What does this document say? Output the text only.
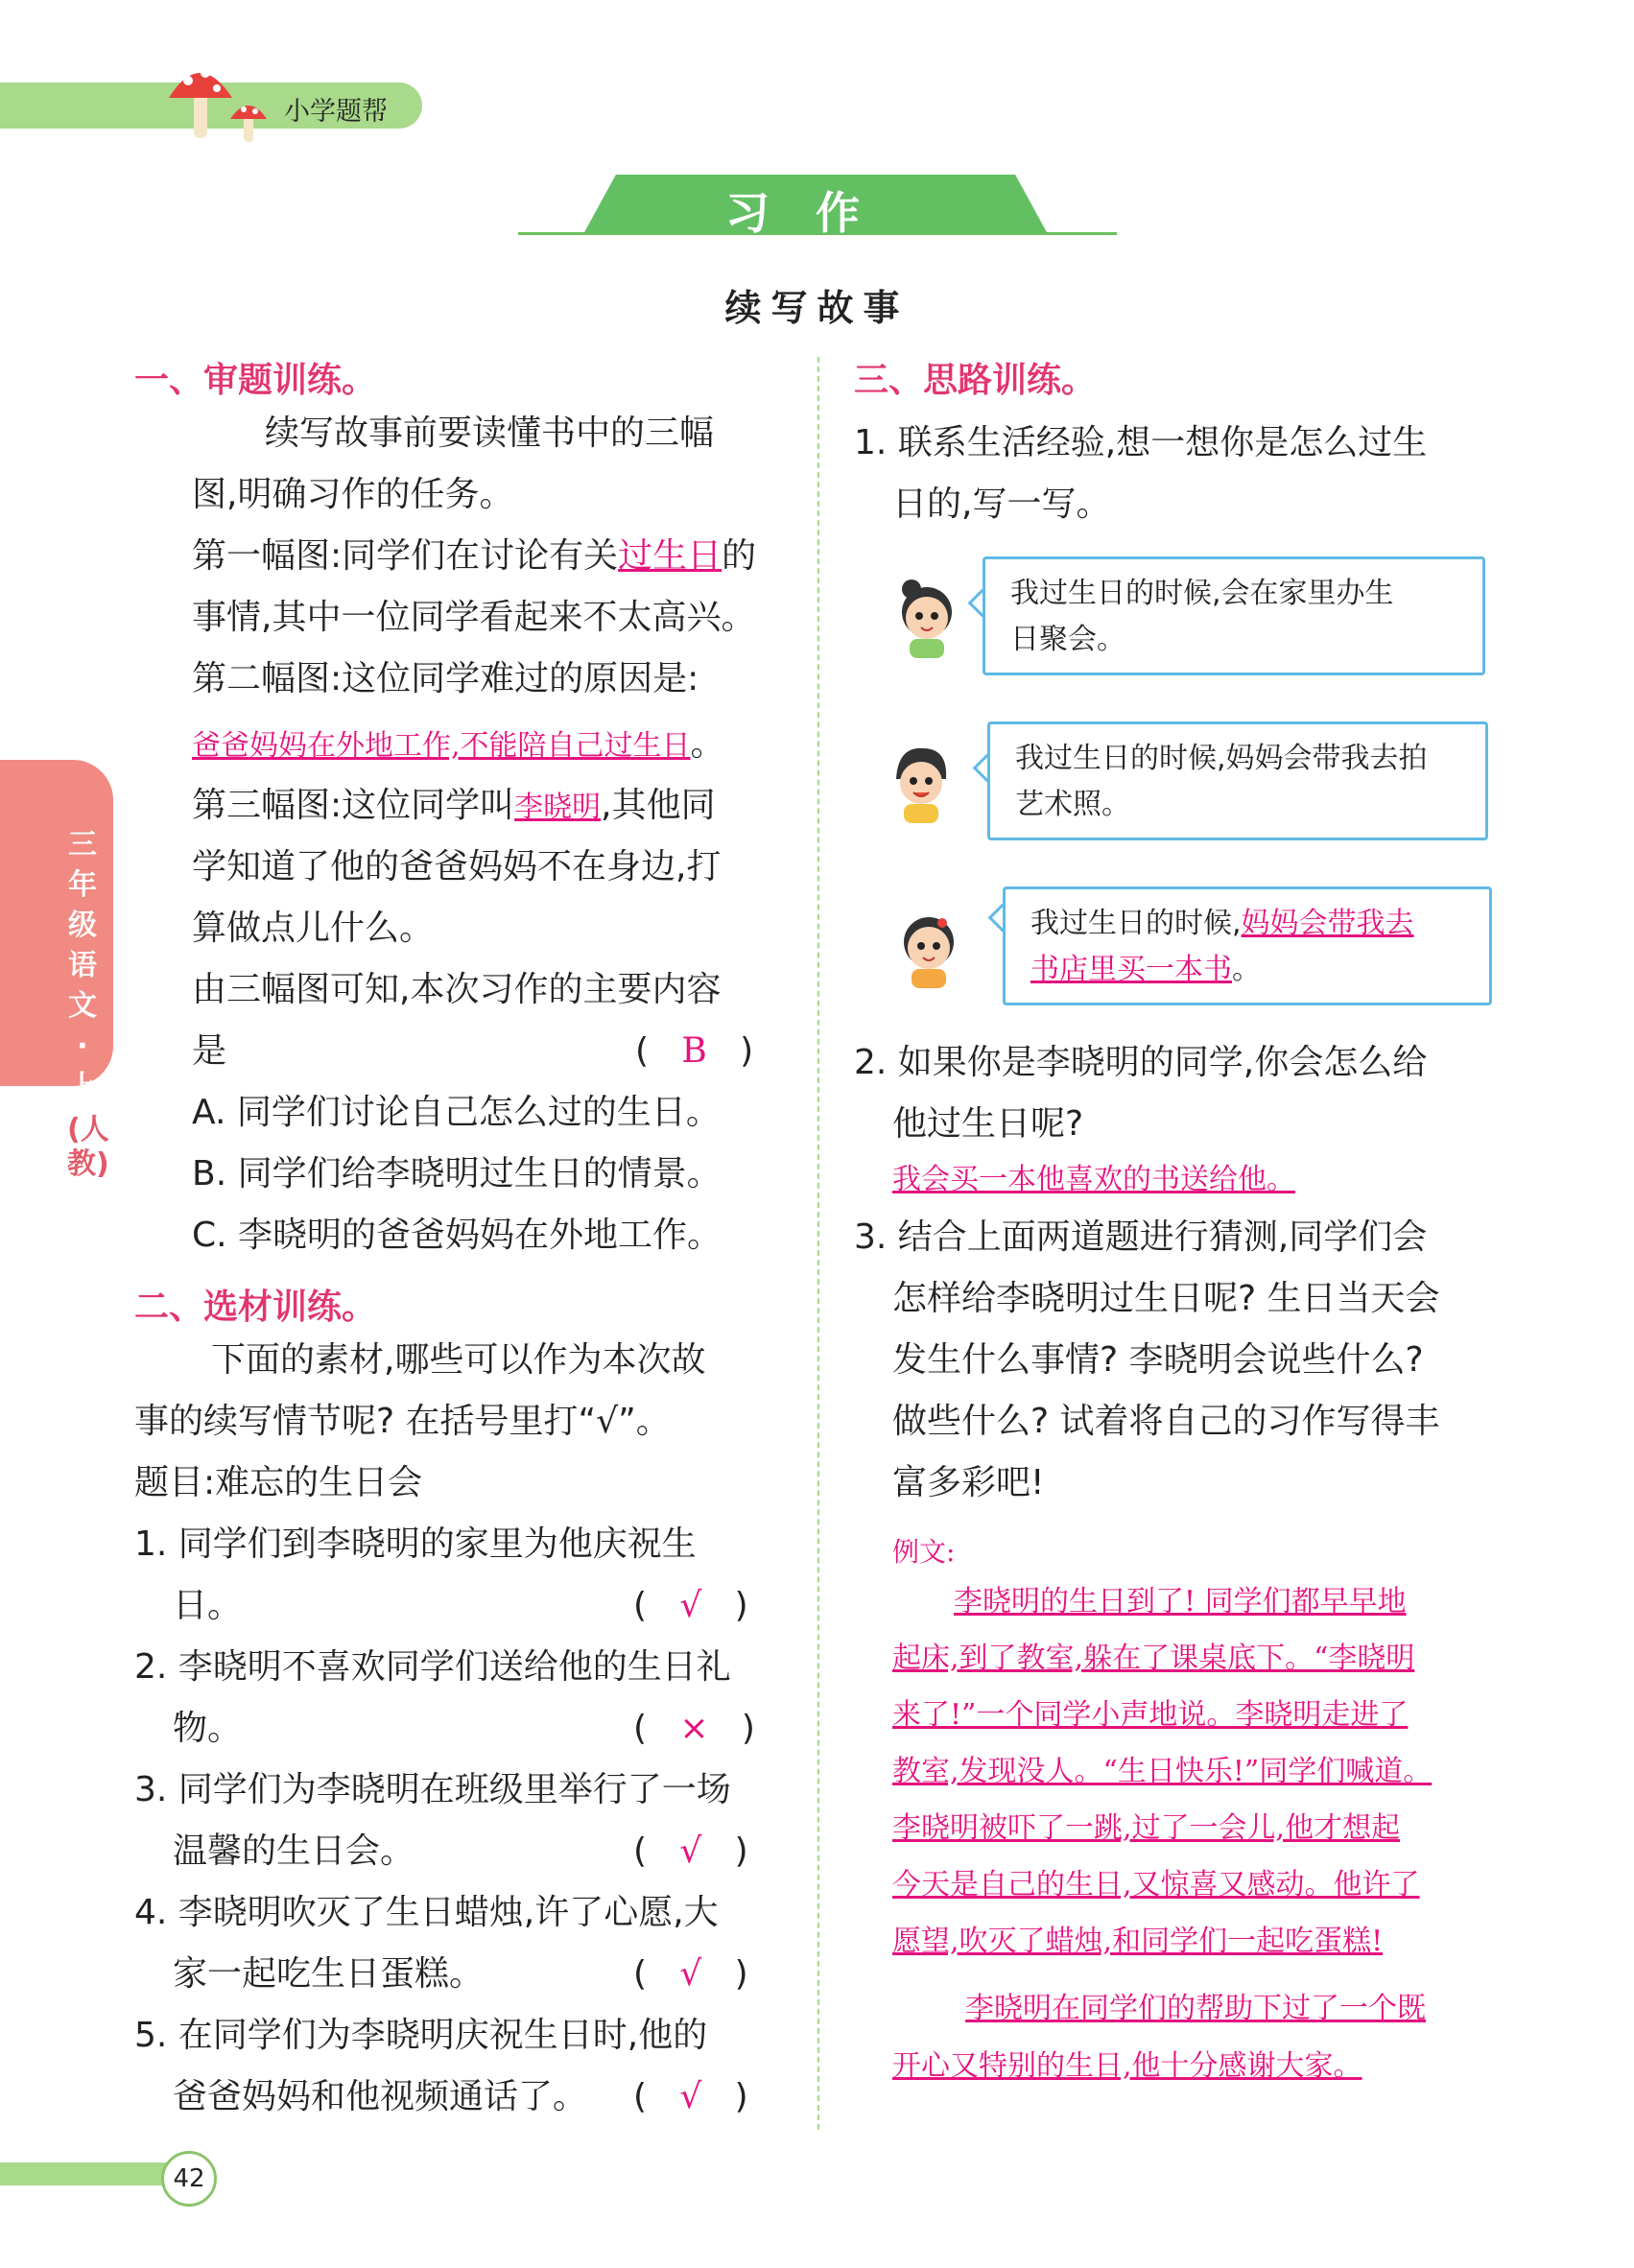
小学题帮
习作
续写故事
三年级语文·上
(人教)
一、审题训练。
续写故事前要读懂书中的三幅
图,明确习作的任务。
第一幅图:同学们在讨论有关过生日的
事情,其中一位同学看起来不太高兴。
第二幅图:这位同学难过的原因是:
爸爸妈妈在外地工作,不能陪自己过生日。
第三幅图:这位同学叫李晓明,其他同
学知道了他的爸爸妈妈不在身边,打
算做点儿什么。
由三幅图可知,本次习作的主要内容
是	(   B   )
A. 同学们讨论自己怎么过的生日。
B. 同学们给李晓明过生日的情景。
C. 李晓明的爸爸妈妈在外地工作。
二、选材训练。
下面的素材,哪些可以作为本次故
事的续写情节呢? 在括号里打“√”。
题目:难忘的生日会
1. 同学们到李晓明的家里为他庆祝生
日。	(   √   )
2. 李晓明不喜欢同学们送给他的生日礼
物。	(   ×   )
3. 同学们为李晓明在班级里举行了一场
温馨的生日会。	(   √   )
4. 李晓明吹灭了生日蜡烛,许了心愿,大
家一起吃生日蛋糕。	(   √   )
5. 在同学们为李晓明庆祝生日时,他的
爸爸妈妈和他视频通话了。 (   √   )
三、思路训练。
1. 联系生活经验,想一想你是怎么过生
日的,写一写。
我过生日的时候,会在家里办生
日聚会。
我过生日的时候,妈妈会带我去拍
艺术照。
我过生日的时候,妈妈会带我去
书店里买一本书。
2. 如果你是李晓明的同学,你会怎么给
他过生日呢?
我会买一本他喜欢的书送给他。
3. 结合上面两道题进行猜测,同学们会
怎样给李晓明过生日呢? 生日当天会
发生什么事情? 李晓明会说些什么?
做些什么? 试着将自己的习作写得丰
富多彩吧!
例文:
李晓明的生日到了! 同学们都早早地
起床,到了教室,躲在了课桌底下。“李晓明
来了!”一个同学小声地说。李晓明走进了
教室,发现没人。“生日快乐!”同学们喊道。
李晓明被吓了一跳,过了一会儿,他才想起
今天是自己的生日,又惊喜又感动。他许了
愿望,吹灭了蜡烛,和同学们一起吃蛋糕!
李晓明在同学们的帮助下过了一个既
开心又特别的生日,他十分感谢大家。
42
